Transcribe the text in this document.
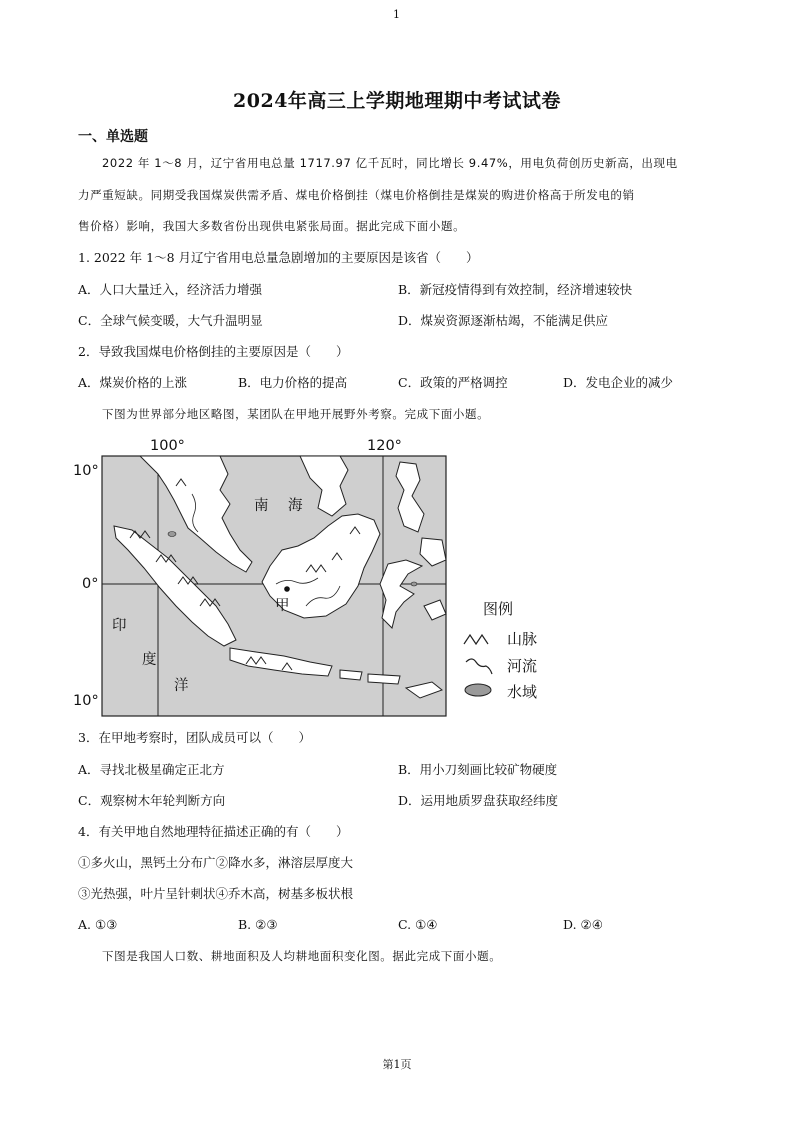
1
2024年高三上学期地理期中考试试卷
一、单选题
2022 年 1～8 月，辽宁省用电总量 1717.97 亿千瓦时，同比增长 9.47%，用电负荷创历史新高，出现电
力严重短缺。同期受我国煤炭供需矛盾、煤电价格倒挂（煤电价格倒挂是煤炭的购进价格高于所发电的销
售价格）影响，我国大多数省份出现供电紧张局面。据此完成下面小题。
1. 2022 年 1～8 月辽宁省用电总量急剧增加的主要原因是该省（　　）
A．人口大量迁入，经济活力增强	B．新冠疫情得到有效控制，经济增速较快
C．全球气候变暖，大气升温明显	D．煤炭资源逐渐枯竭，不能满足供应
2．导致我国煤电价格倒挂的主要原因是（　　）
A．煤炭价格的上涨	B．电力价格的提高	C．政策的严格调控	D．发电企业的减少
下图为世界部分地区略图，某团队在甲地开展野外考察。完成下面小题。
甲
100°	120°
10°
0°
10°
南 海
印
度
洋
图例
山脉
河流
水域
3．在甲地考察时，团队成员可以（　　）
A．寻找北极星确定正北方	B．用小刀刻画比较矿物硬度
C．观察树木年轮判断方向	D．运用地质罗盘获取经纬度
4．有关甲地自然地理特征描述正确的有（　　）
①多火山，黑钙土分布广②降水多，淋溶层厚度大
③光热强，叶片呈针刺状④乔木高，树基多板状根
A. ①③	B. ②③	C. ①④	D. ②④
下图是我国人口数、耕地面积及人均耕地面积变化图。据此完成下面小题。
第1页
